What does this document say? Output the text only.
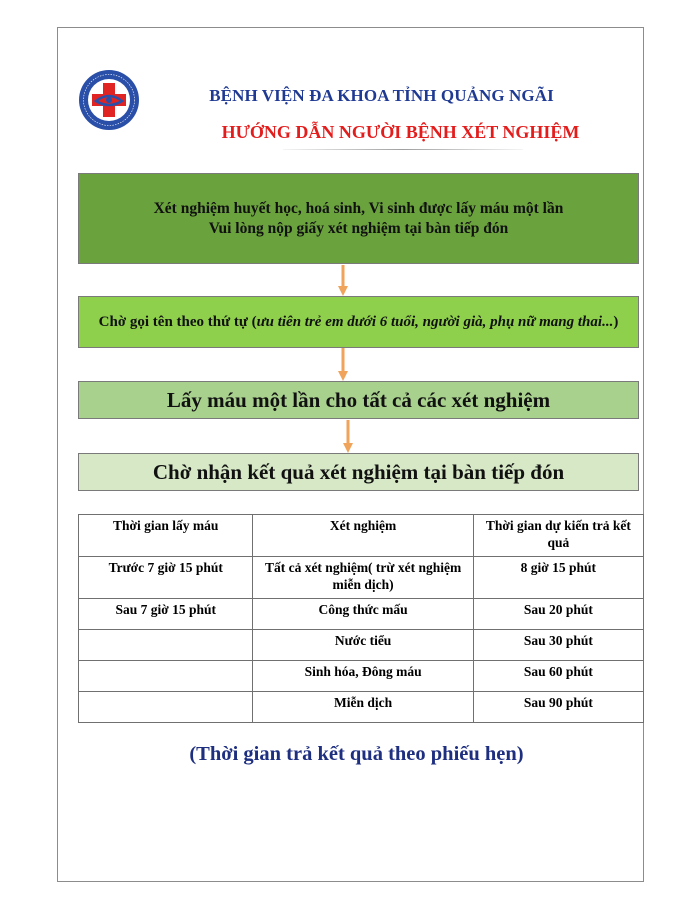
BỆNH VIỆN ĐA KHOA TỈNH QUẢNG NGÃI
HƯỚNG DẪN NGƯỜI BỆNH XÉT NGHIỆM
Xét nghiệm huyết học, hoá sinh, Vi sinh được lấy máu một lần
Vui lòng nộp giấy xét nghiệm tại bàn tiếp đón
Chờ gọi tên theo thứ tự (ưu tiên trẻ em dưới 6 tuổi, người già, phụ nữ mang thai...)
Lấy máu một lần cho tất cả các xét nghiệm
Chờ nhận kết quả xét nghiệm tại bàn tiếp đón
Thời gian lấy máu	Xét nghiệm	Thời gian dự kiến trả kết quả
Trước 7 giờ 15 phút	Tất cả xét nghiệm( trừ xét nghiệm miễn dịch)	8 giờ 15 phút
Sau 7 giờ 15 phút	Công thức mấu	Sau 20 phút
	Nước tiểu	Sau 30 phút
	Sinh hóa, Đông máu	Sau 60 phút
	Miễn dịch	Sau 90 phút
(Thời gian trả kết quả theo phiếu hẹn)
